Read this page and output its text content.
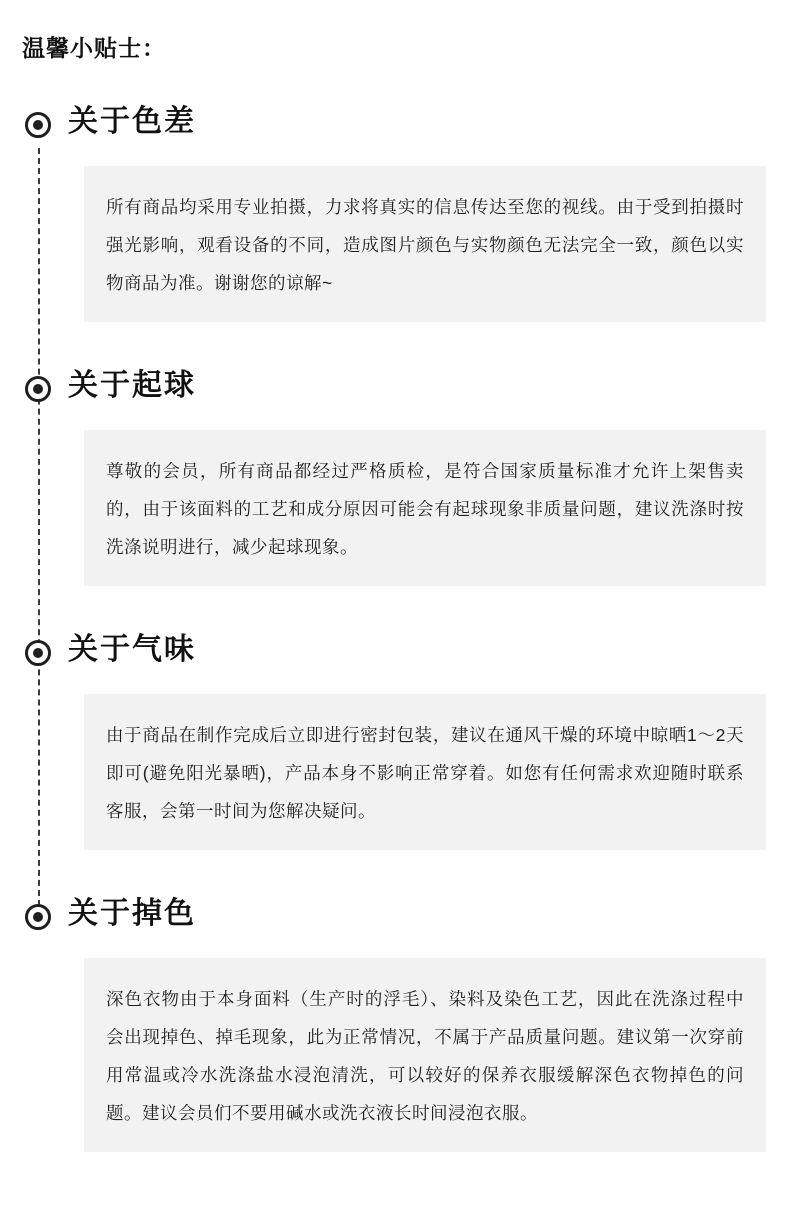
温馨小贴士：
关于色差
所有商品均采用专业拍摄，力求将真实的信息传达至您的视线。由于受到拍摄时强光影响，观看设备的不同，造成图片颜色与实物颜色无法完全一致，颜色以实物商品为准。谢谢您的谅解~
关于起球
尊敬的会员，所有商品都经过严格质检，是符合国家质量标准才允许上架售卖的，由于该面料的工艺和成分原因可能会有起球现象非质量问题，建议洗涤时按洗涤说明进行，减少起球现象。
关于气味
由于商品在制作完成后立即进行密封包装，建议在通风干燥的环境中晾晒1～2天即可(避免阳光暴晒)，产品本身不影响正常穿着。如您有任何需求欢迎随时联系客服，会第一时间为您解决疑问。
关于掉色
深色衣物由于本身面料（生产时的浮毛）、染料及染色工艺，因此在洗涤过程中会出现掉色、掉毛现象，此为正常情况，不属于产品质量问题。建议第一次穿前用常温或冷水洗涤盐水浸泡清洗，可以较好的保养衣服缓解深色衣物掉色的问题。建议会员们不要用碱水或洗衣液长时间浸泡衣服。
